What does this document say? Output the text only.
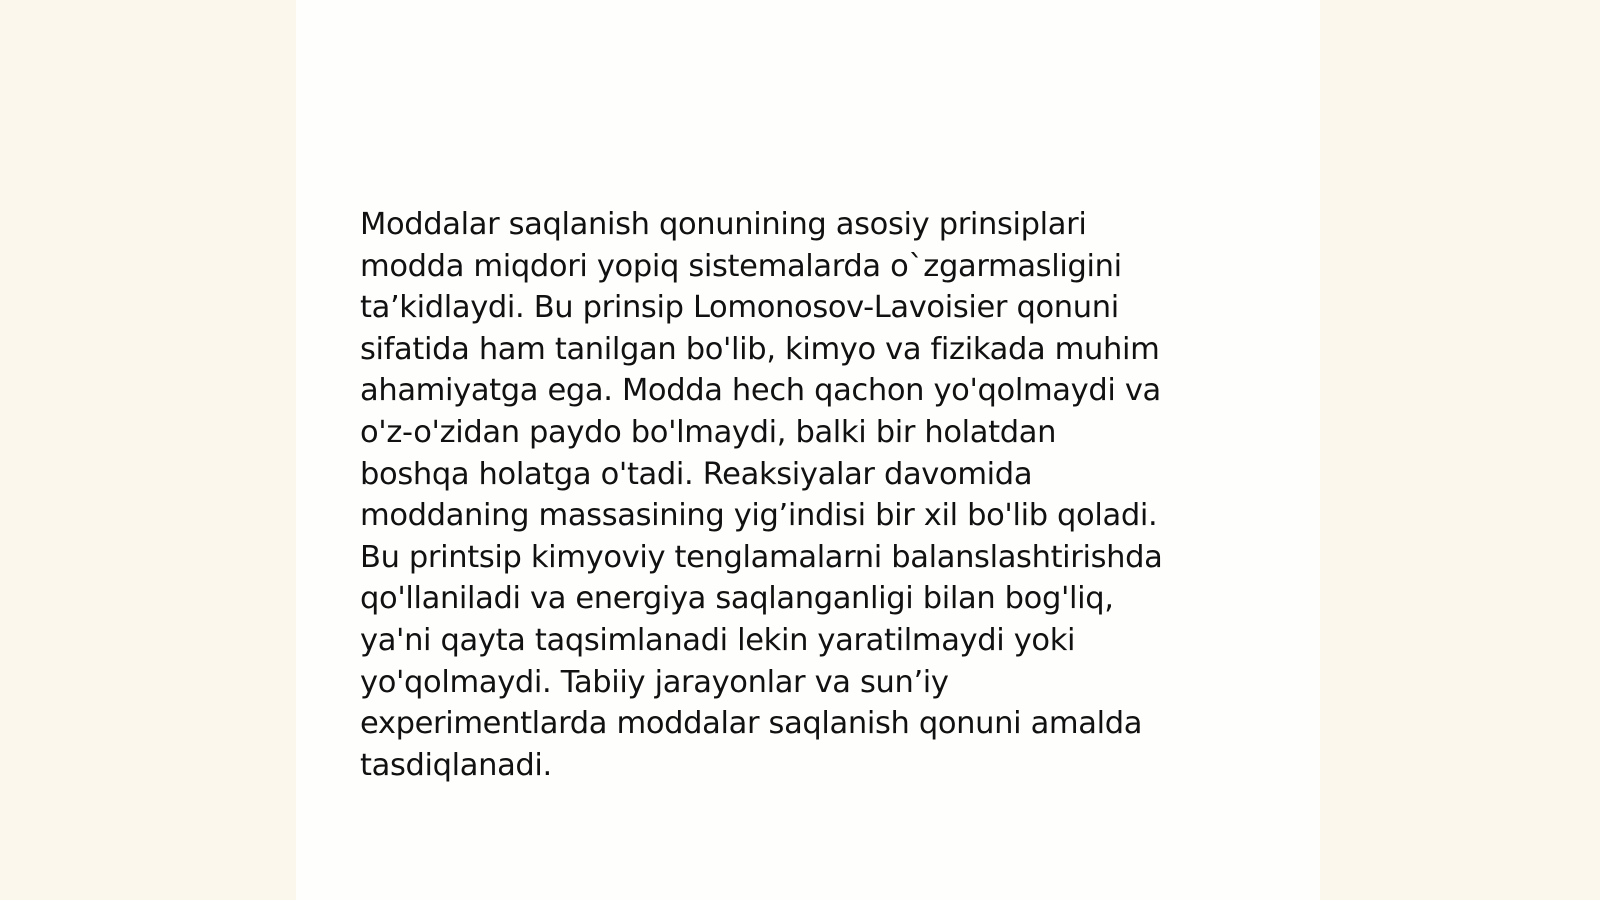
Moddalar saqlanish qonunining asosiy prinsiplari
modda miqdori yopiq sistemalarda o`zgarmasligini
ta’kidlaydi. Bu prinsip Lomonosov-Lavoisier qonuni
sifatida ham tanilgan bo'lib, kimyo va fizikada muhim
ahamiyatga ega. Modda hech qachon yo'qolmaydi va
o'z-o'zidan paydo bo'lmaydi, balki bir holatdan
boshqa holatga o'tadi. Reaksiyalar davomida
moddaning massasining yig’indisi bir xil bo'lib qoladi.
Bu printsip kimyoviy tenglamalarni balanslashtirishda
qo'llaniladi va energiya saqlanganligi bilan bog'liq,
ya'ni qayta taqsimlanadi lekin yaratilmaydi yoki
yo'qolmaydi. Tabiiy jarayonlar va sun’iy
experimentlarda moddalar saqlanish qonuni amalda
tasdiqlanadi.
